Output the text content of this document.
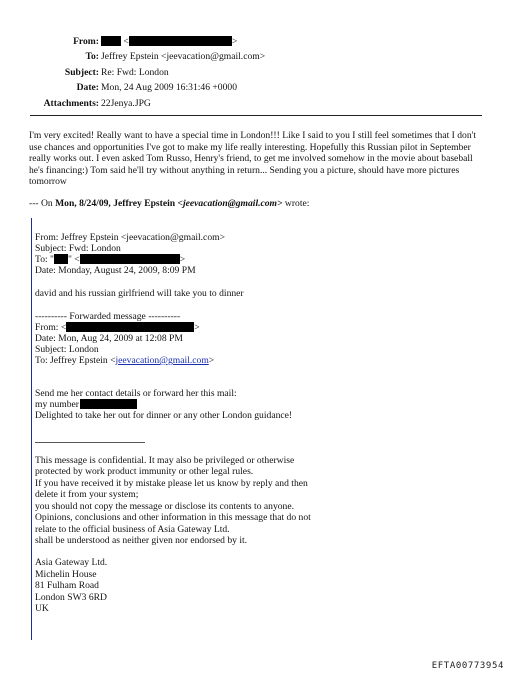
From:	<	>
To: Jeffrey Epstein <jeevacation@gmail.com>
Subject: Re: Fwd: London
Date: Mon, 24 Aug 2009 16:31:46 +0000
Attachments: 22Jenya.JPG
I'm very excited! Really want to have a special time in London!!! Like I said to you I still feel sometimes that I don't use chances and opportunities I've got to make my life really interesting. Hopefully this Russian pilot in September really works out. I even asked Tom Russo, Henry's friend, to get me involved somehow in the movie about baseball he's financing:) Tom said he'll try without anything in return... Sending you a picture, should have more pictures tomorrow
--- On Mon, 8/24/09, Jeffrey Epstein <jeevacation@gmail.com> wrote:
From: Jeffrey Epstein <jeevacation@gmail.com>
Subject: Fwd: London
To: " " <	>
Date: Monday, August 24, 2009, 8:09 PM
david and his russian girlfriend will take you to dinner
---------- Forwarded message ----------
From: <	>
Date: Mon, Aug 24, 2009 at 12:08 PM
Subject: London
To: Jeffrey Epstein <jeevacation@gmail.com>
Send me her contact details or forward her this mail:
my number
Delighted to take her out for dinner or any other London guidance!
This message is confidential. It may also be privileged or otherwise
protected by work product immunity or other legal rules.
If you have received it by mistake please let us know by reply and then
delete it from your system;
you should not copy the message or disclose its contents to anyone.
Opinions, conclusions and other information in this message that do not
relate to the official business of Asia Gateway Ltd.
shall be understood as neither given nor endorsed by it.
Asia Gateway Ltd.
Michelin House
81 Fulham Road
London SW3 6RD
UK
EFTA00773954
